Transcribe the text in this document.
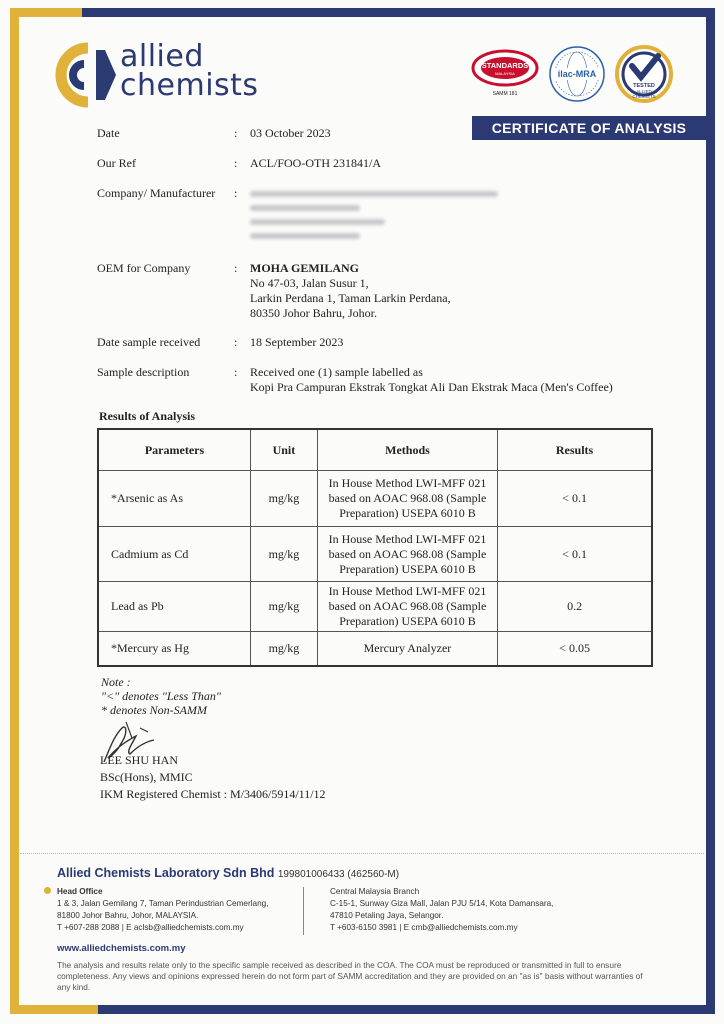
allied
chemists
STANDARDS
MALAYSIA
SAMM 181
ilac-MRA
TESTED
ALLIED
CHEMISTS
CERTIFICATE OF ANALYSIS
Date	: 03 October 2023
Our Ref	: ACL/FOO-OTH 231841/A
Company/ Manufacturer :
OEM for Company	: MOHA GEMILANG
No 47-03, Jalan Susur 1,
Larkin Perdana 1, Taman Larkin Perdana,
80350 Johor Bahru, Johor.
Date sample received	: 18 September 2023
Sample description	: Received one (1) sample labelled as
Kopi Pra Campuran Ekstrak Tongkat Ali Dan Ekstrak Maca (Men's Coffee)
Results of Analysis
Parameters	Unit	Methods	Results
*Arsenic as As	mg/kg	In House Method LWI-MFF 021
based on AOAC 968.08 (Sample
Preparation) USEPA 6010 B	< 0.1
Cadmium as Cd	mg/kg	In House Method LWI-MFF 021
based on AOAC 968.08 (Sample
Preparation) USEPA 6010 B	< 0.1
Lead as Pb	mg/kg	In House Method LWI-MFF 021
based on AOAC 968.08 (Sample
Preparation) USEPA 6010 B	0.2
*Mercury as Hg	mg/kg	Mercury Analyzer	< 0.05
Note :
"<" denotes "Less Than"
* denotes Non-SAMM
LEE SHU HAN
BSc(Hons), MMIC
IKM Registered Chemist : M/3406/5914/11/12
Allied Chemists Laboratory Sdn Bhd 199801006433 (462560-M)
Head Office
1 & 3, Jalan Gemilang 7, Taman Perindustrian Cemerlang,
81800 Johor Bahru, Johor, MALAYSIA.
T +607-288 2088 | E aclsb@alliedchemists.com.my
Central Malaysia Branch
C-15-1, Sunway Giza Mall, Jalan PJU 5/14, Kota Damansara,
47810 Petaling Jaya, Selangor.
T +603-6150 3981 | E cmb@alliedchemists.com.my
www.alliedchemists.com.my
The analysis and results relate only to the specific sample received as described in the COA. The COA must be reproduced or transmitted in full to ensure completeness. Any views and opinions expressed herein do not form part of SAMM accreditation and they are provided on an "as is" basis without warranties of any kind.
